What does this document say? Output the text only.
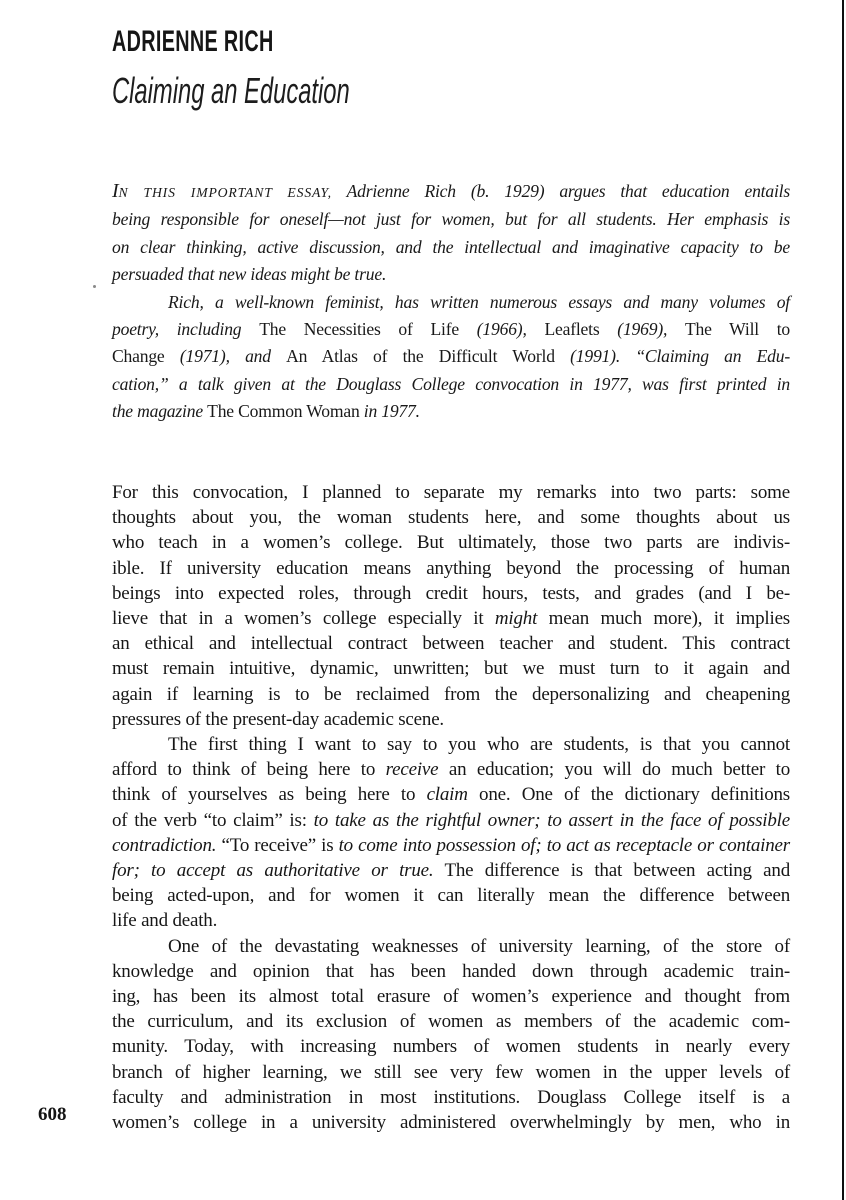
ADRIENNE RICH
Claiming an Education
IN THIS IMPORTANT ESSAY, Adrienne Rich (b. 1929) argues that education entails
being responsible for oneself—not just for women, but for all students. Her emphasis is
on clear thinking, active discussion, and the intellectual and imaginative capacity to be
persuaded that new ideas might be true.
Rich, a well-known feminist, has written numerous essays and many volumes of
poetry, including The Necessities of Life (1966), Leaflets (1969), The Will to
Change (1971), and An Atlas of the Difficult World (1991). “Claiming an Edu-
cation,” a talk given at the Douglass College convocation in 1977, was first printed in
the magazine The Common Woman in 1977.
For this convocation, I planned to separate my remarks into two parts: some
thoughts about you, the woman students here, and some thoughts about us
who teach in a women’s college. But ultimately, those two parts are indivis-
ible. If university education means anything beyond the processing of human
beings into expected roles, through credit hours, tests, and grades (and I be-
lieve that in a women’s college especially it might mean much more), it implies
an ethical and intellectual contract between teacher and student. This contract
must remain intuitive, dynamic, unwritten; but we must turn to it again and
again if learning is to be reclaimed from the depersonalizing and cheapening
pressures of the present-day academic scene.
The first thing I want to say to you who are students, is that you cannot
afford to think of being here to receive an education; you will do much better to
think of yourselves as being here to claim one. One of the dictionary definitions
of the verb “to claim” is: to take as the rightful owner; to assert in the face of possible
contradiction. “To receive” is to come into possession of; to act as receptacle or container
for; to accept as authoritative or true. The difference is that between acting and
being acted-upon, and for women it can literally mean the difference between
life and death.
One of the devastating weaknesses of university learning, of the store of
knowledge and opinion that has been handed down through academic train-
ing, has been its almost total erasure of women’s experience and thought from
the curriculum, and its exclusion of women as members of the academic com-
munity. Today, with increasing numbers of women students in nearly every
branch of higher learning, we still see very few women in the upper levels of
faculty and administration in most institutions. Douglass College itself is a
women’s college in a university administered overwhelmingly by men, who in
608
